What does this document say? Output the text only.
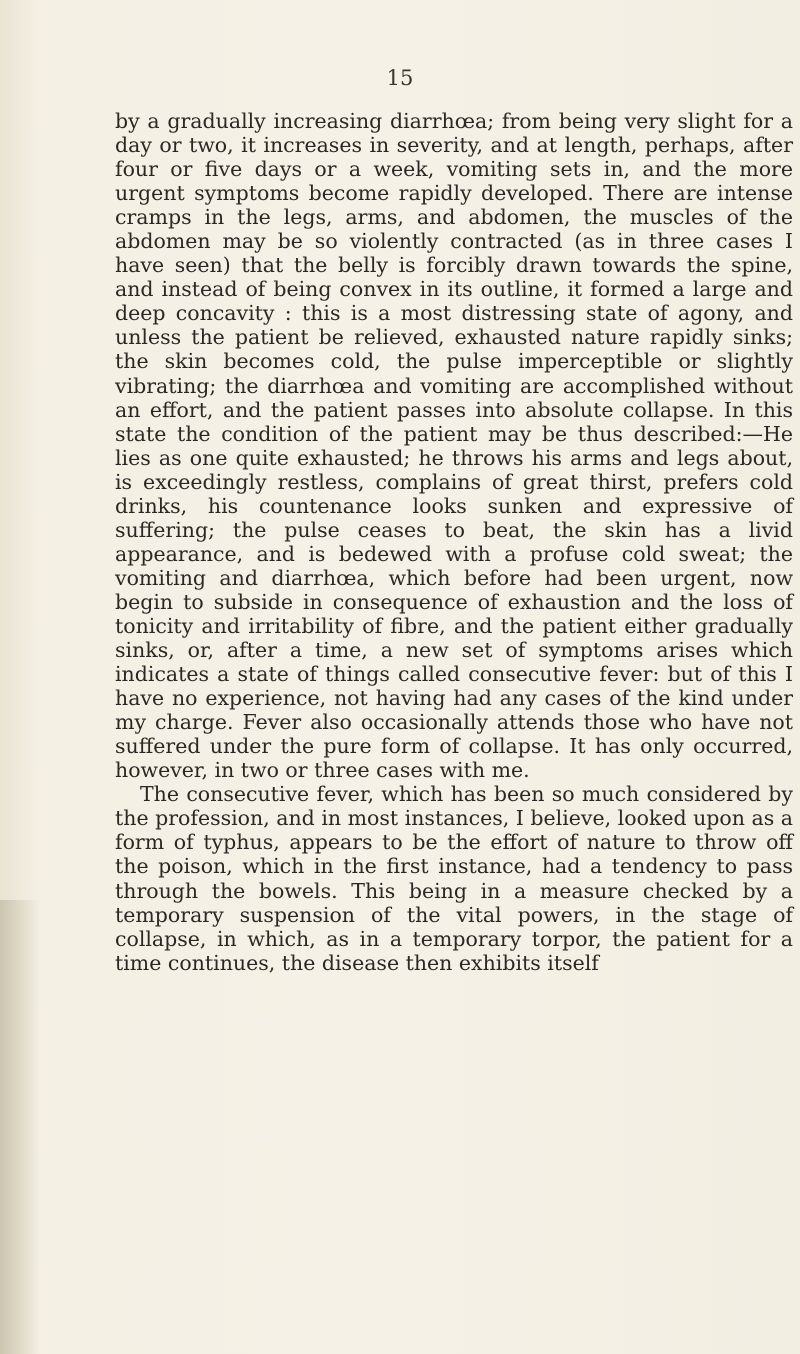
15

by a gradually increasing diarrhœa; from being very slight for a day or two, it increases in severity, and at length, perhaps, after four or five days or a week, vomiting sets in, and the more urgent symptoms become rapidly developed. There are intense cramps in the legs, arms, and abdomen, the muscles of the abdomen may be so violently contracted (as in three cases I have seen) that the belly is forcibly drawn towards the spine, and instead of being convex in its outline, it formed a large and deep concavity : this is a most distressing state of agony, and unless the patient be relieved, exhausted nature rapidly sinks; the skin becomes cold, the pulse imperceptible or slightly vibrating; the diarrhœa and vomiting are accomplished without an effort, and the patient passes into absolute collapse. In this state the condition of the patient may be thus described:—He lies as one quite exhausted; he throws his arms and legs about, is exceedingly restless, complains of great thirst, prefers cold drinks, his countenance looks sunken and expressive of suffering; the pulse ceases to beat, the skin has a livid appearance, and is bedewed with a profuse cold sweat; the vomiting and diarrhœa, which before had been urgent, now begin to subside in consequence of exhaustion and the loss of tonicity and irritability of fibre, and the patient either gradually sinks, or, after a time, a new set of symptoms arises which indicates a state of things called consecutive fever: but of this I have no experience, not having had any cases of the kind under my charge. Fever also occasionally attends those who have not suffered under the pure form of collapse. It has only occurred, however, in two or three cases with me.

The consecutive fever, which has been so much considered by the profession, and in most instances, I believe, looked upon as a form of typhus, appears to be the effort of nature to throw off the poison, which in the first instance, had a tendency to pass through the bowels. This being in a measure checked by a temporary suspension of the vital powers, in the stage of collapse, in which, as in a temporary torpor, the patient for a time continues, the disease then exhibits itself
